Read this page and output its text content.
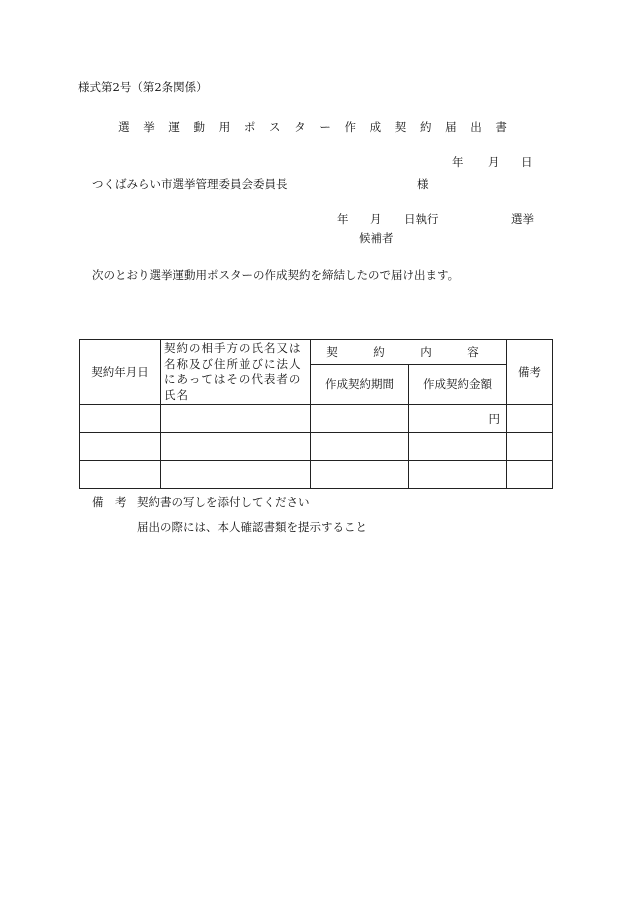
様式第2号（第2条関係）
選 挙 運 動 用 ポ ス タ ー 作 成 契 約 届 出 書
年 月 日
つくばみらい市選挙管理委員会委員長	様
年 月 日執行	選挙
候補者
次のとおり選挙運動用ポスターの作成契約を締結したので届け出ます。
契約年月日	契約の相手方の氏名又は名称及び住所並びに法人にあってはその代表者の氏名	契　約　内　容		備考
		作成契約期間	作成契約金額	
			円	

備　考 契約書の写しを添付してください
届出の際には、本人確認書類を提示すること
